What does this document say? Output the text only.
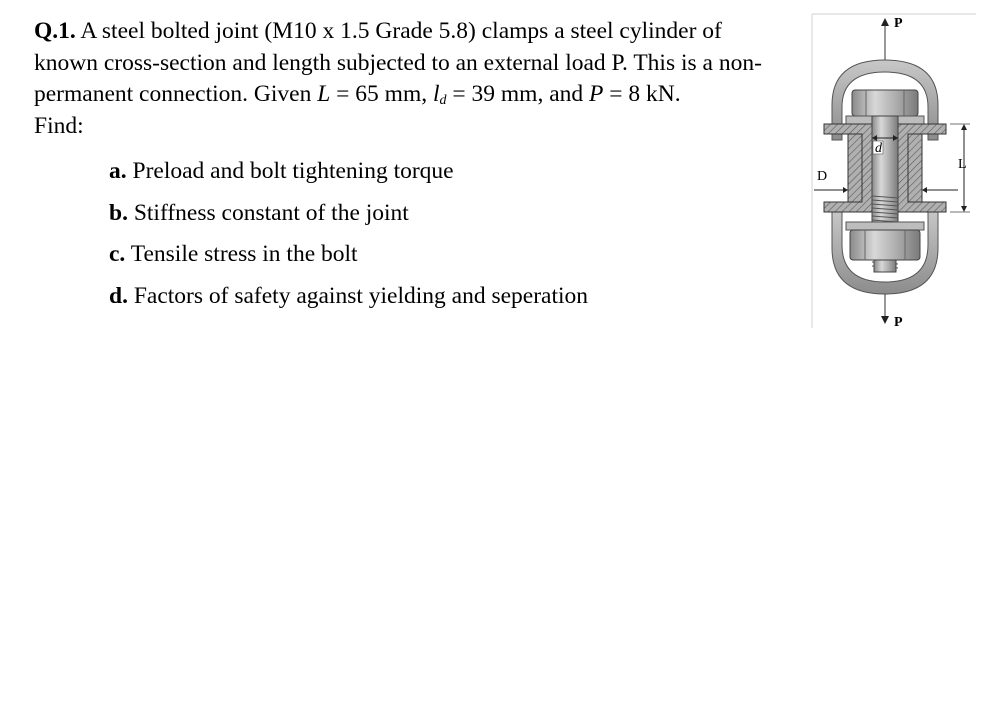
Q.1. A steel bolted joint (M10 x 1.5 Grade 5.8) clamps a steel cylinder of known cross-section and length subjected to an external load P. This is a non-permanent connection. Given L = 65 mm, $l_d = 39$ mm, and P = 8 kN.
Find:
a. Preload and bolt tightening torque
b. Stiffness constant of the joint
c. Tensile stress in the bolt
d. Factors of safety against yielding and seperation
P
d
D
L
P
